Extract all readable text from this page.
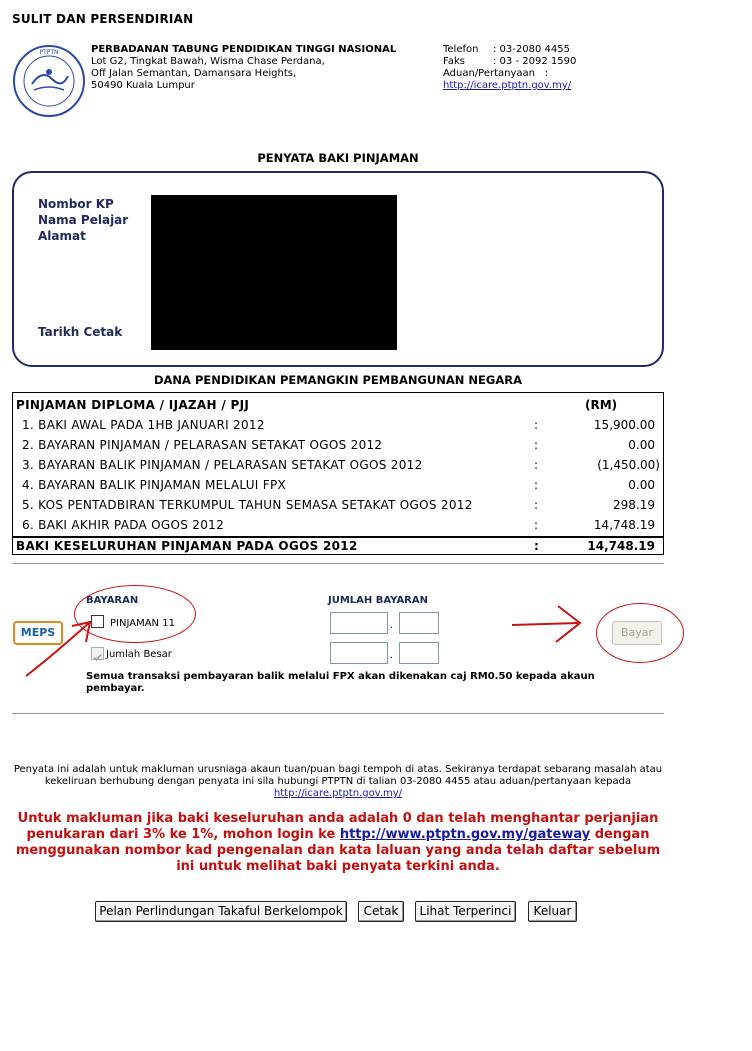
SULIT DAN PERSENDIRIAN
PTPTN	PERBADANAN TABUNG PENDIDIKAN TINGGI NASIONAL
Lot G2, Tingkat Bawah, Wisma Chase Perdana,
Off Jalan Semantan, Damansara Heights,
50490 Kuala Lumpur
Telefon : 03-2080 4455
Faks	: 03 - 2092 1590
Aduan/Pertanyaan :
http://icare.ptptn.gov.my/
PENYATA BAKI PINJAMAN
Nombor KP
Nama Pelajar
Alamat
Tarikh Cetak
DANA PENDIDIKAN PEMANGKIN PEMBANGUNAN NEGARA
PINJAMAN DIPLOMA / IJAZAH / PJJ	(RM)
1. BAKI AWAL PADA 1HB JANUARI 2012	:	15,900.00
2. BAYARAN PINJAMAN / PELARASAN SETAKAT OGOS 2012	:	0.00
3. BAYARAN BALIK PINJAMAN / PELARASAN SETAKAT OGOS 2012	:	(1,450.00)
4. BAYARAN BALIK PINJAMAN MELALUI FPX	:	0.00
5. KOS PENTADBIRAN TERKUMPUL TAHUN SEMASA SETAKAT OGOS 2012	:	298.19
6. BAKI AKHIR PADA OGOS 2012	:	14,748.19
BAKI KESELURUHAN PINJAMAN PADA OGOS 2012	:	14,748.19
MEPS
BAYARAN
PINJAMAN 11
Jumlah Besar
JUMLAH BAYARAN
.
.
Semua transaksi pembayaran balik melalui FPX akan dikenakan caj RM0.50 kepada akaun pembayar.
Bayar
Penyata ini adalah untuk makluman urusniaga akaun tuan/puan bagi tempoh di atas. Sekiranya terdapat sebarang masalah atau kekeliruan berhubung dengan penyata ini sila hubungi PTPTN di talian 03-2080 4455 atau aduan/pertanyaan kepada http://icare.ptptn.gov.my/
Untuk makluman jika baki keseluruhan anda adalah 0 dan telah menghantar perjanjian penukaran dari 3% ke 1%, mohon login ke http://www.ptptn.gov.my/gateway dengan menggunakan nombor kad pengenalan dan kata laluan yang anda telah daftar sebelum ini untuk melihat baki penyata terkini anda.
Pelan Perlindungan Takaful Berkelompok	Cetak	Lihat Terperinci	Keluar
